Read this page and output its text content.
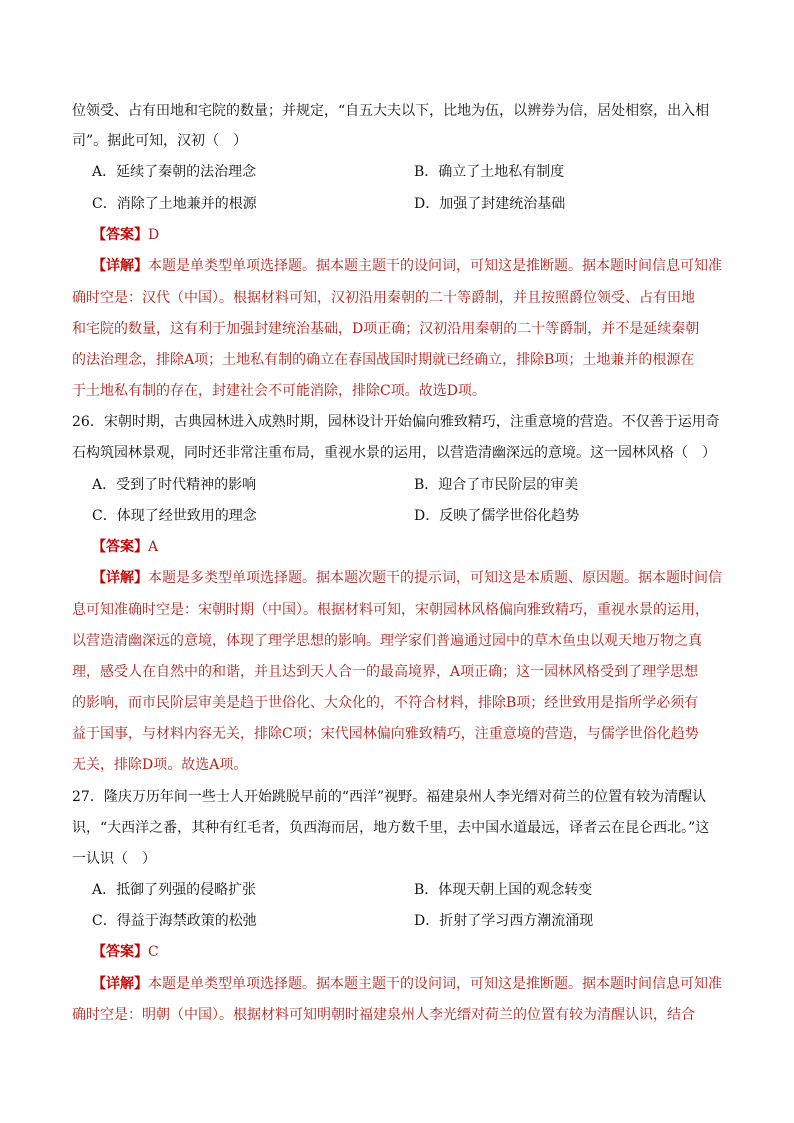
位领受、占有田地和宅院的数量；并规定，“自五大夫以下，比地为伍，以辨券为信，居处相察，出入相
司”。据此可知，汉初（　）
A．延续了秦朝的法治理念	B．确立了土地私有制度
C．消除了土地兼并的根源	D．加强了封建统治基础
【答案】D
【详解】本题是单类型单项选择题。据本题主题干的设问词，可知这是推断题。据本题时间信息可知准
确时空是：汉代（中国）。根据材料可知，汉初沿用秦朝的二十等爵制，并且按照爵位领受、占有田地
和宅院的数量，这有利于加强封建统治基础，D项正确；汉初沿用秦朝的二十等爵制，并不是延续秦朝
的法治理念，排除A项；土地私有制的确立在春国战国时期就已经确立，排除B项；土地兼并的根源在
于土地私有制的存在，封建社会不可能消除，排除C项。故选D项。
26．宋朝时期，古典园林进入成熟时期，园林设计开始偏向雅致精巧，注重意境的营造。不仅善于运用奇
石构筑园林景观，同时还非常注重布局，重视水景的运用，以营造清幽深远的意境。这一园林风格（　）
A．受到了时代精神的影响	B．迎合了市民阶层的审美
C．体现了经世致用的理念	D．反映了儒学世俗化趋势
【答案】A
【详解】本题是多类型单项选择题。据本题次题干的提示词，可知这是本质题、原因题。据本题时间信
息可知准确时空是：宋朝时期（中国）。根据材料可知，宋朝园林风格偏向雅致精巧，重视水景的运用，
以营造清幽深远的意境，体现了理学思想的影响。理学家们普遍通过园中的草木鱼虫以观天地万物之真
理，感受人在自然中的和谐，并且达到天人合一的最高境界，A项正确；这一园林风格受到了理学思想
的影响，而市民阶层审美是趋于世俗化、大众化的，不符合材料，排除B项；经世致用是指所学必须有
益于国事，与材料内容无关，排除C项；宋代园林偏向雅致精巧，注重意境的营造，与儒学世俗化趋势
无关，排除D项。故选A项。
27．隆庆万历年间一些士人开始跳脱早前的“西洋”视野。福建泉州人李光缙对荷兰的位置有较为清醒认
识，“大西洋之番，其种有红毛者，负西海而居，地方数千里，去中国水道最远，译者云在昆仑西北。”这
一认识（　）
A．抵御了列强的侵略扩张	B．体现天朝上国的观念转变
C．得益于海禁政策的松弛	D．折射了学习西方潮流涌现
【答案】C
【详解】本题是单类型单项选择题。据本题主题干的设问词，可知这是推断题。据本题时间信息可知准
确时空是：明朝（中国）。根据材料可知明朝时福建泉州人李光缙对荷兰的位置有较为清醒认识，结合
